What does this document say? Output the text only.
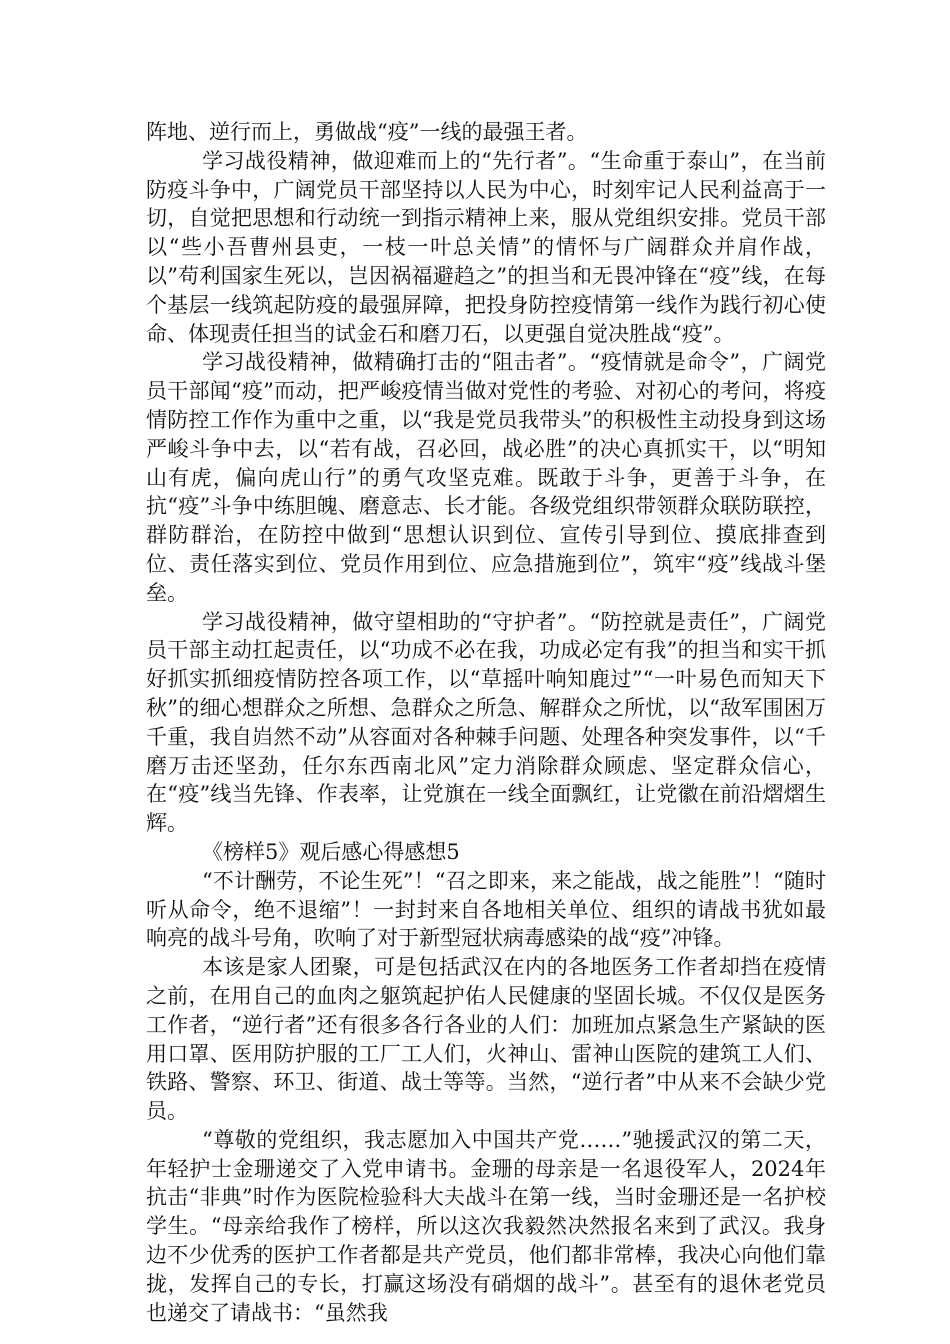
阵地、逆行而上，勇做战“疫”一线的最强王者。

学习战役精神，做迎难而上的“先行者”。“生命重于泰山”，在当前防疫斗争中，广阔党员干部坚持以人民为中心，时刻牢记人民利益高于一切，自觉把思想和行动统一到指示精神上来，服从党组织安排。党员干部以“些小吾曹州县吏，一枝一叶总关情”的情怀与广阔群众并肩作战，以”苟利国家生死以，岂因祸福避趋之”的担当和无畏冲锋在“疫”线，在每个基层一线筑起防疫的最强屏障，把投身防控疫情第一线作为践行初心使命、体现责任担当的试金石和磨刀石，以更强自觉决胜战“疫”。

学习战役精神，做精确打击的“阻击者”。“疫情就是命令”，广阔党员干部闻“疫”而动，把严峻疫情当做对党性的考验、对初心的考问，将疫情防控工作作为重中之重，以“我是党员我带头”的积极性主动投身到这场严峻斗争中去，以“若有战，召必回，战必胜”的决心真抓实干，以“明知山有虎，偏向虎山行”的勇气攻坚克难。既敢于斗争，更善于斗争，在抗“疫”斗争中练胆魄、磨意志、长才能。各级党组织带领群众联防联控，群防群治，在防控中做到“思想认识到位、宣传引导到位、摸底排查到位、责任落实到位、党员作用到位、应急措施到位”，筑牢“疫”线战斗堡垒。

学习战役精神，做守望相助的“守护者”。“防控就是责任”，广阔党员干部主动扛起责任，以“功成不必在我，功成必定有我”的担当和实干抓好抓实抓细疫情防控各项工作，以“草摇叶响知鹿过”“一叶易色而知天下秋”的细心想群众之所想、急群众之所急、解群众之所忧，以“敌军围困万千重，我自岿然不动”从容面对各种棘手问题、处理各种突发事件，以“千磨万击还坚劲，任尔东西南北风”定力消除群众顾虑、坚定群众信心，在“疫”线当先锋、作表率，让党旗在一线全面飘红，让党徽在前沿熠熠生辉。

《榜样5》观后感心得感想5

“不计酬劳，不论生死”！“召之即来，来之能战，战之能胜”！“随时听从命令，绝不退缩”！一封封来自各地相关单位、组织的请战书犹如最响亮的战斗号角，吹响了对于新型冠状病毒感染的战“疫”冲锋。

本该是家人团聚，可是包括武汉在内的各地医务工作者却挡在疫情之前，在用自己的血肉之躯筑起护佑人民健康的坚固长城。不仅仅是医务工作者，“逆行者”还有很多各行各业的人们：加班加点紧急生产紧缺的医用口罩、医用防护服的工厂工人们，火神山、雷神山医院的建筑工人们、铁路、警察、环卫、街道、战士等等。当然，“逆行者”中从来不会缺少党员。

“尊敬的党组织，我志愿加入中国共产党……”驰援武汉的第二天，年轻护士金珊递交了入党申请书。金珊的母亲是一名退役军人，2024年抗击“非典”时作为医院检验科大夫战斗在第一线，当时金珊还是一名护校学生。“母亲给我作了榜样，所以这次我毅然决然报名来到了武汉。我身边不少优秀的医护工作者都是共产党员，他们都非常棒，我决心向他们靠拢，发挥自己的专长，打赢这场没有硝烟的战斗”。甚至有的退休老党员也递交了请战书：“虽然我
